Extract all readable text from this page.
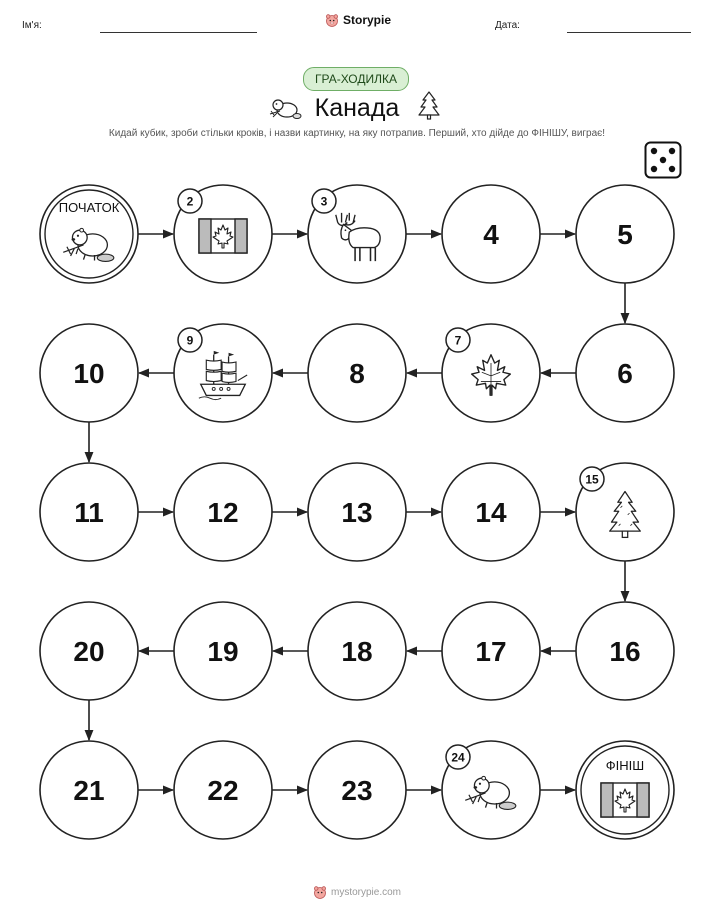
Ім'я:	Storypie	Дата:
ГРА-ХОДИЛКА
Канада
Кидай кубик, зроби стільки кроків, і назви картинку, на яку потрапив. Перший, хто дійде до ФІНІШУ, виграє!
ПОЧАТОК	2	3
4	5
6
7
8
9
10
11	12	13	14
15
16
17
18
19
20
21	22	23
24
ФІНІШ
mystorypie.com
